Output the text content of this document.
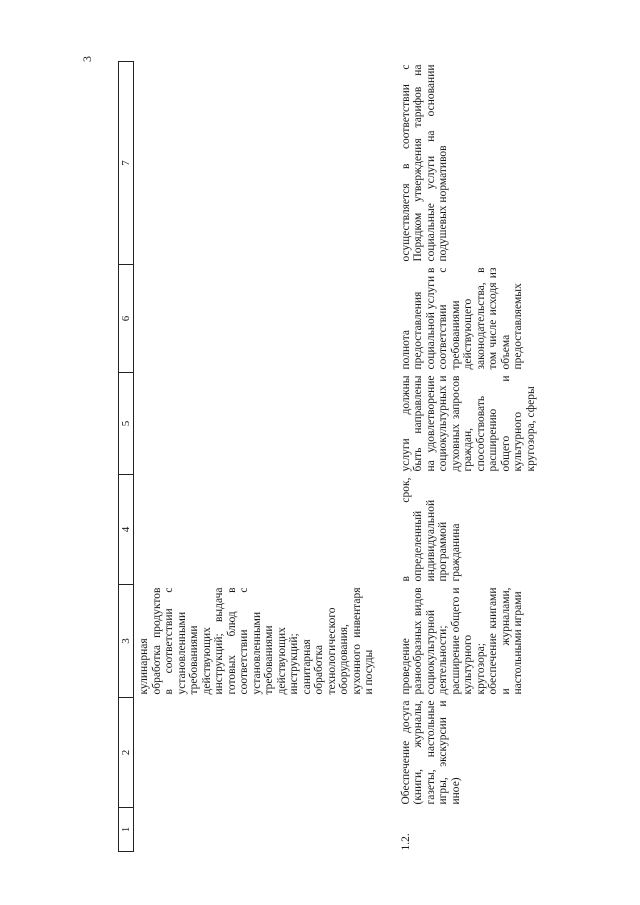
3
1	2	3	4	5	6	7
		кулинарная обработка продуктов в соответствии с установленными требованиями действующих инструкций; выдача готовых блюд в соответствии с установленными требованиями действующих инструкций; санитарная обработка технологического оборудования, кухонного инвентаря и посуды				
1.2.	Обеспечение досуга (книги, журналы, газеты, настольные игры, экскурсии и иное)	проведение разнообразных видов социокультурной деятельности; расширение общего и культурного кругозора; обеспечение книгами и журналами, настольными играми	в срок, определенный индивидуальной программой гражданина	услуги должны быть направлены на удовлетворение социокультурных и духовных запросов граждан, способствовать расширению общего и культурного кругозора, сферы	полнота предоставления социальной услуги в соответствии с требованиями действующего законодательства, в том числе исходя из объема предоставляемых	осуществляется в соответствии с Порядком утверждения тарифов на социальные услуги на основании подушевых нормативов
